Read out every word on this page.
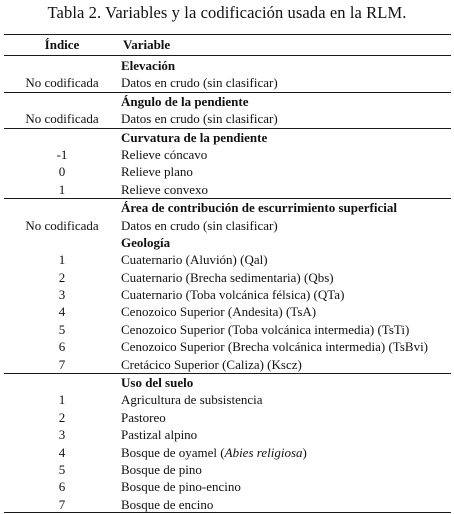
Tabla 2. Variables y la codificación usada en la RLM.
Índice	Variable
Elevación
No codificada	Datos en crudo (sin clasificar)
Ángulo de la pendiente
No codificada	Datos en crudo (sin clasificar)
Curvatura de la pendiente
-1	Relieve cóncavo
0	Relieve plano
1	Relieve convexo
Área de contribución de escurrimiento superficial
No codificada	Datos en crudo (sin clasificar)
Geología
1	Cuaternario (Aluvión) (Qal)
2	Cuaternario (Brecha sedimentaria) (Qbs)
3	Cuaternario (Toba volcánica félsica) (QTa)
4	Cenozoico Superior (Andesita) (TsA)
5	Cenozoico Superior (Toba volcánica intermedia) (TsTi)
6	Cenozoico Superior (Brecha volcánica intermedia) (TsBvi)
7	Cretácico Superior (Caliza) (Kscz)
Uso del suelo
1	Agricultura de subsistencia
2	Pastoreo
3	Pastizal alpino
4	Bosque de oyamel (Abies religiosa)
5	Bosque de pino
6	Bosque de pino-encino
7	Bosque de encino
